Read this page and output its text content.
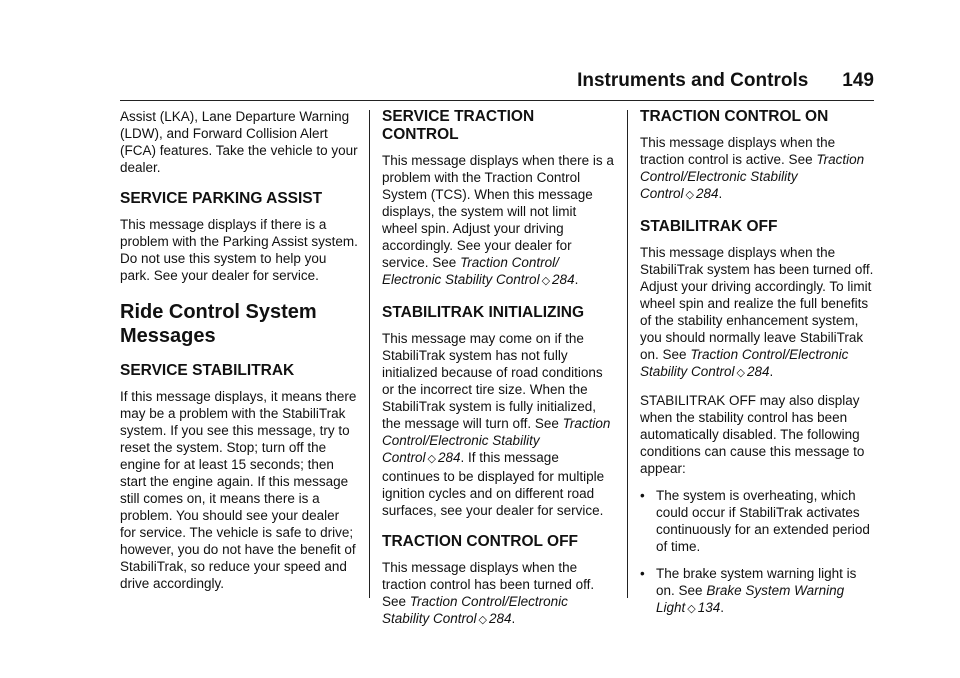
Instruments and Controls 149

Assist (LKA), Lane Departure Warning (LDW), and Forward Collision Alert (FCA) features. Take the vehicle to your dealer.

SERVICE PARKING ASSIST

This message displays if there is a problem with the Parking Assist system. Do not use this system to help you park. See your dealer for service.

Ride Control System Messages
SERVICE STABILITRAK

If this message displays, it means there may be a problem with the StabiliTrak system. If you see this message, try to reset the system. Stop; turn off the engine for at least 15 seconds; then start the engine again. If this message still comes on, it means there is a problem. You should see your dealer for service. The vehicle is safe to drive; however, you do not have the benefit of StabiliTrak, so reduce your speed and drive accordingly.

SERVICE TRACTION CONTROL

This message displays when there is a problem with the Traction Control System (TCS). When this message displays, the system will not limit wheel spin. Adjust your driving accordingly. See your dealer for service. See Traction Control/ Electronic Stability Control ◇ 284.

STABILITRAK INITIALIZING

This message may come on if the StabiliTrak system has not fully initialized because of road conditions or the incorrect tire size. When the StabiliTrak system is fully initialized, the message will turn off. See Traction Control/Electronic Stability Control ◇ 284. If this message continues to be displayed for multiple ignition cycles and on different road surfaces, see your dealer for service.

TRACTION CONTROL OFF

This message displays when the traction control has been turned off. See Traction Control/Electronic Stability Control ◇ 284.

TRACTION CONTROL ON

This message displays when the traction control is active. See Traction Control/Electronic Stability Control ◇ 284.

STABILITRAK OFF

This message displays when the StabiliTrak system has been turned off. Adjust your driving accordingly. To limit wheel spin and realize the full benefits of the stability enhancement system, you should normally leave StabiliTrak on. See Traction Control/Electronic Stability Control ◇ 284.

STABILITRAK OFF may also display when the stability control has been automatically disabled. The following conditions can cause this message to appear:

• The system is overheating, which could occur if StabiliTrak activates continuously for an extended period of time.
• The brake system warning light is on. See Brake System Warning Light ◇ 134.
